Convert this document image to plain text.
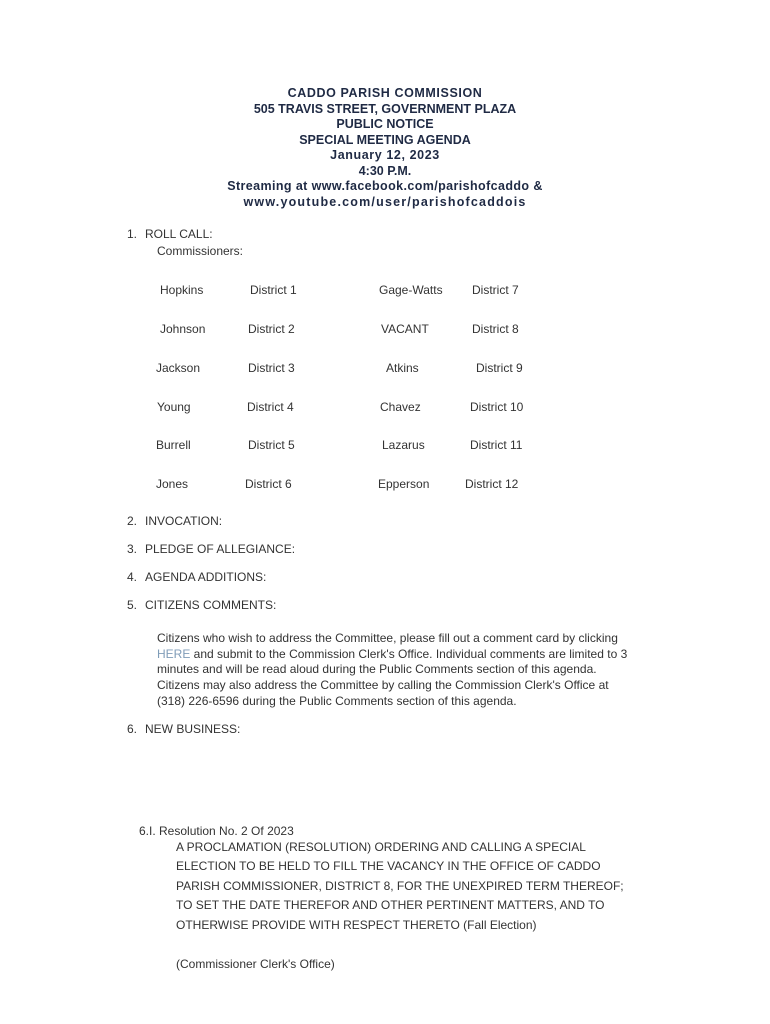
CADDO PARISH COMMISSION
505 TRAVIS STREET, GOVERNMENT PLAZA
PUBLIC NOTICE
SPECIAL MEETING AGENDA
January 12, 2023
4:30 P.M.
Streaming at www.facebook.com/parishofcaddo &
www.youtube.com/user/parishofcaddois
1. ROLL CALL:
Commissioners:
Hopkins	District 1	Gage-Watts District 7
Johnson	District 2	VACANT	District 8
Jackson	District 3	Atkins	District 9
Young	District 4	Chavez	District 10
Burrell	District 5	Lazarus	District 11
Jones	District 6	Epperson	District 12
2. INVOCATION:
3. PLEDGE OF ALLEGIANCE:
4. AGENDA ADDITIONS:
5. CITIZENS COMMENTS:
Citizens who wish to address the Committee, please fill out a comment card by clicking HERE and submit to the Commission Clerk's Office. Individual comments are limited to 3 minutes and will be read aloud during the Public Comments section of this agenda. Citizens may also address the Committee by calling the Commission Clerk's Office at (318) 226-6596 during the Public Comments section of this agenda.
6. NEW BUSINESS:
6.I. Resolution No. 2 Of 2023
A PROCLAMATION (RESOLUTION) ORDERING AND CALLING A SPECIAL ELECTION TO BE HELD TO FILL THE VACANCY IN THE OFFICE OF CADDO PARISH COMMISSIONER, DISTRICT 8, FOR THE UNEXPIRED TERM THEREOF; TO SET THE DATE THEREFOR AND OTHER PERTINENT MATTERS, AND TO OTHERWISE PROVIDE WITH RESPECT THERETO (Fall Election)
(Commissioner Clerk's Office)
